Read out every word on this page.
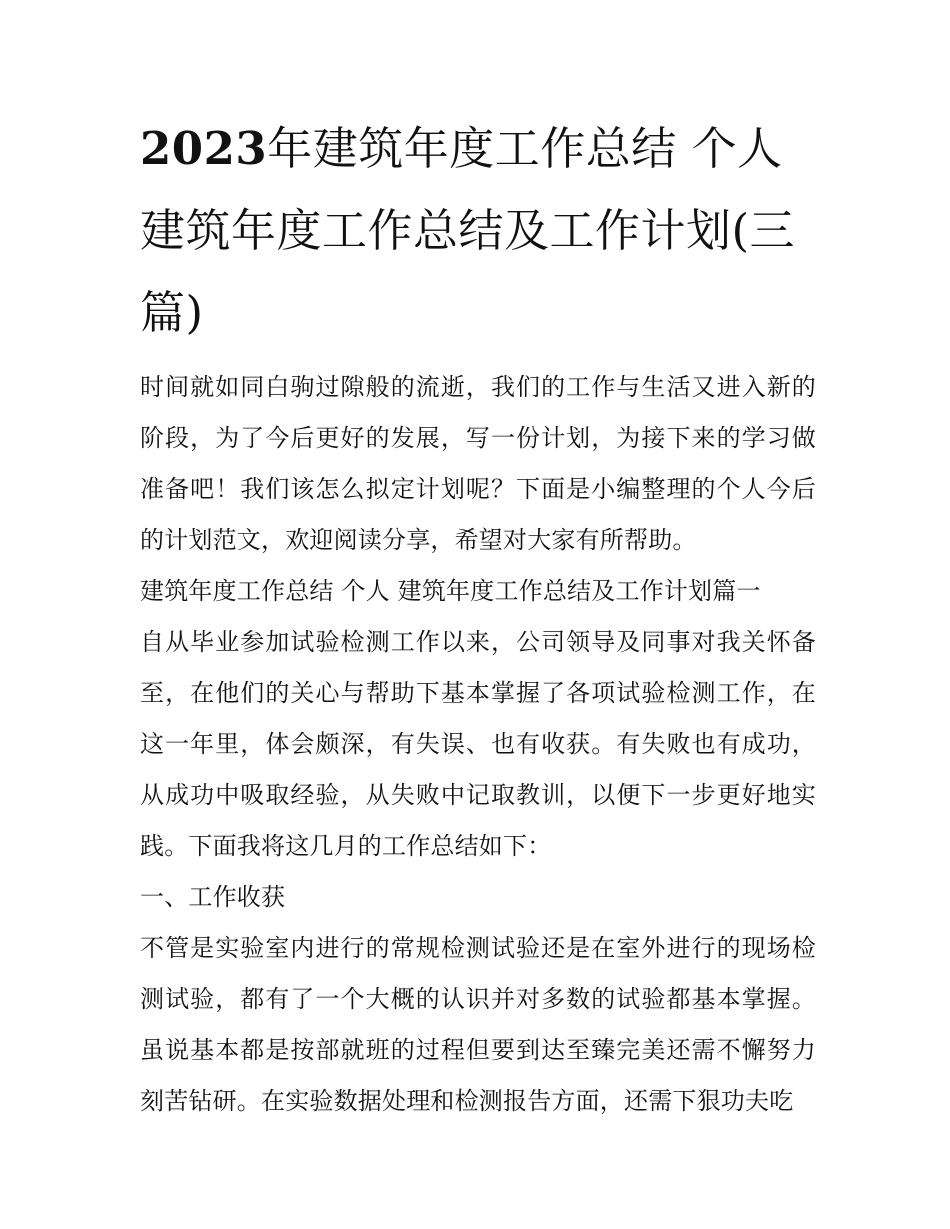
2023年建筑年度工作总结 个人 建筑年度工作总结及工作计划(三篇)

时间就如同白驹过隙般的流逝，我们的工作与生活又进入新的阶段，为了今后更好的发展，写一份计划，为接下来的学习做准备吧！我们该怎么拟定计划呢？下面是小编整理的个人今后的计划范文，欢迎阅读分享，希望对大家有所帮助。

建筑年度工作总结 个人 建筑年度工作总结及工作计划篇一

自从毕业参加试验检测工作以来，公司领导及同事对我关怀备至，在他们的关心与帮助下基本掌握了各项试验检测工作，在这一年里，体会颇深，有失误、也有收获。有失败也有成功，从成功中吸取经验，从失败中记取教训，以便下一步更好地实践。下面我将这几月的工作总结如下：

一、工作收获

不管是实验室内进行的常规检测试验还是在室外进行的现场检测试验，都有了一个大概的认识并对多数的试验都基本掌握。虽说基本都是按部就班的过程但要到达至臻完美还需不懈努力刻苦钻研。在实验数据处理和检测报告方面，还需下狠功夫吃
